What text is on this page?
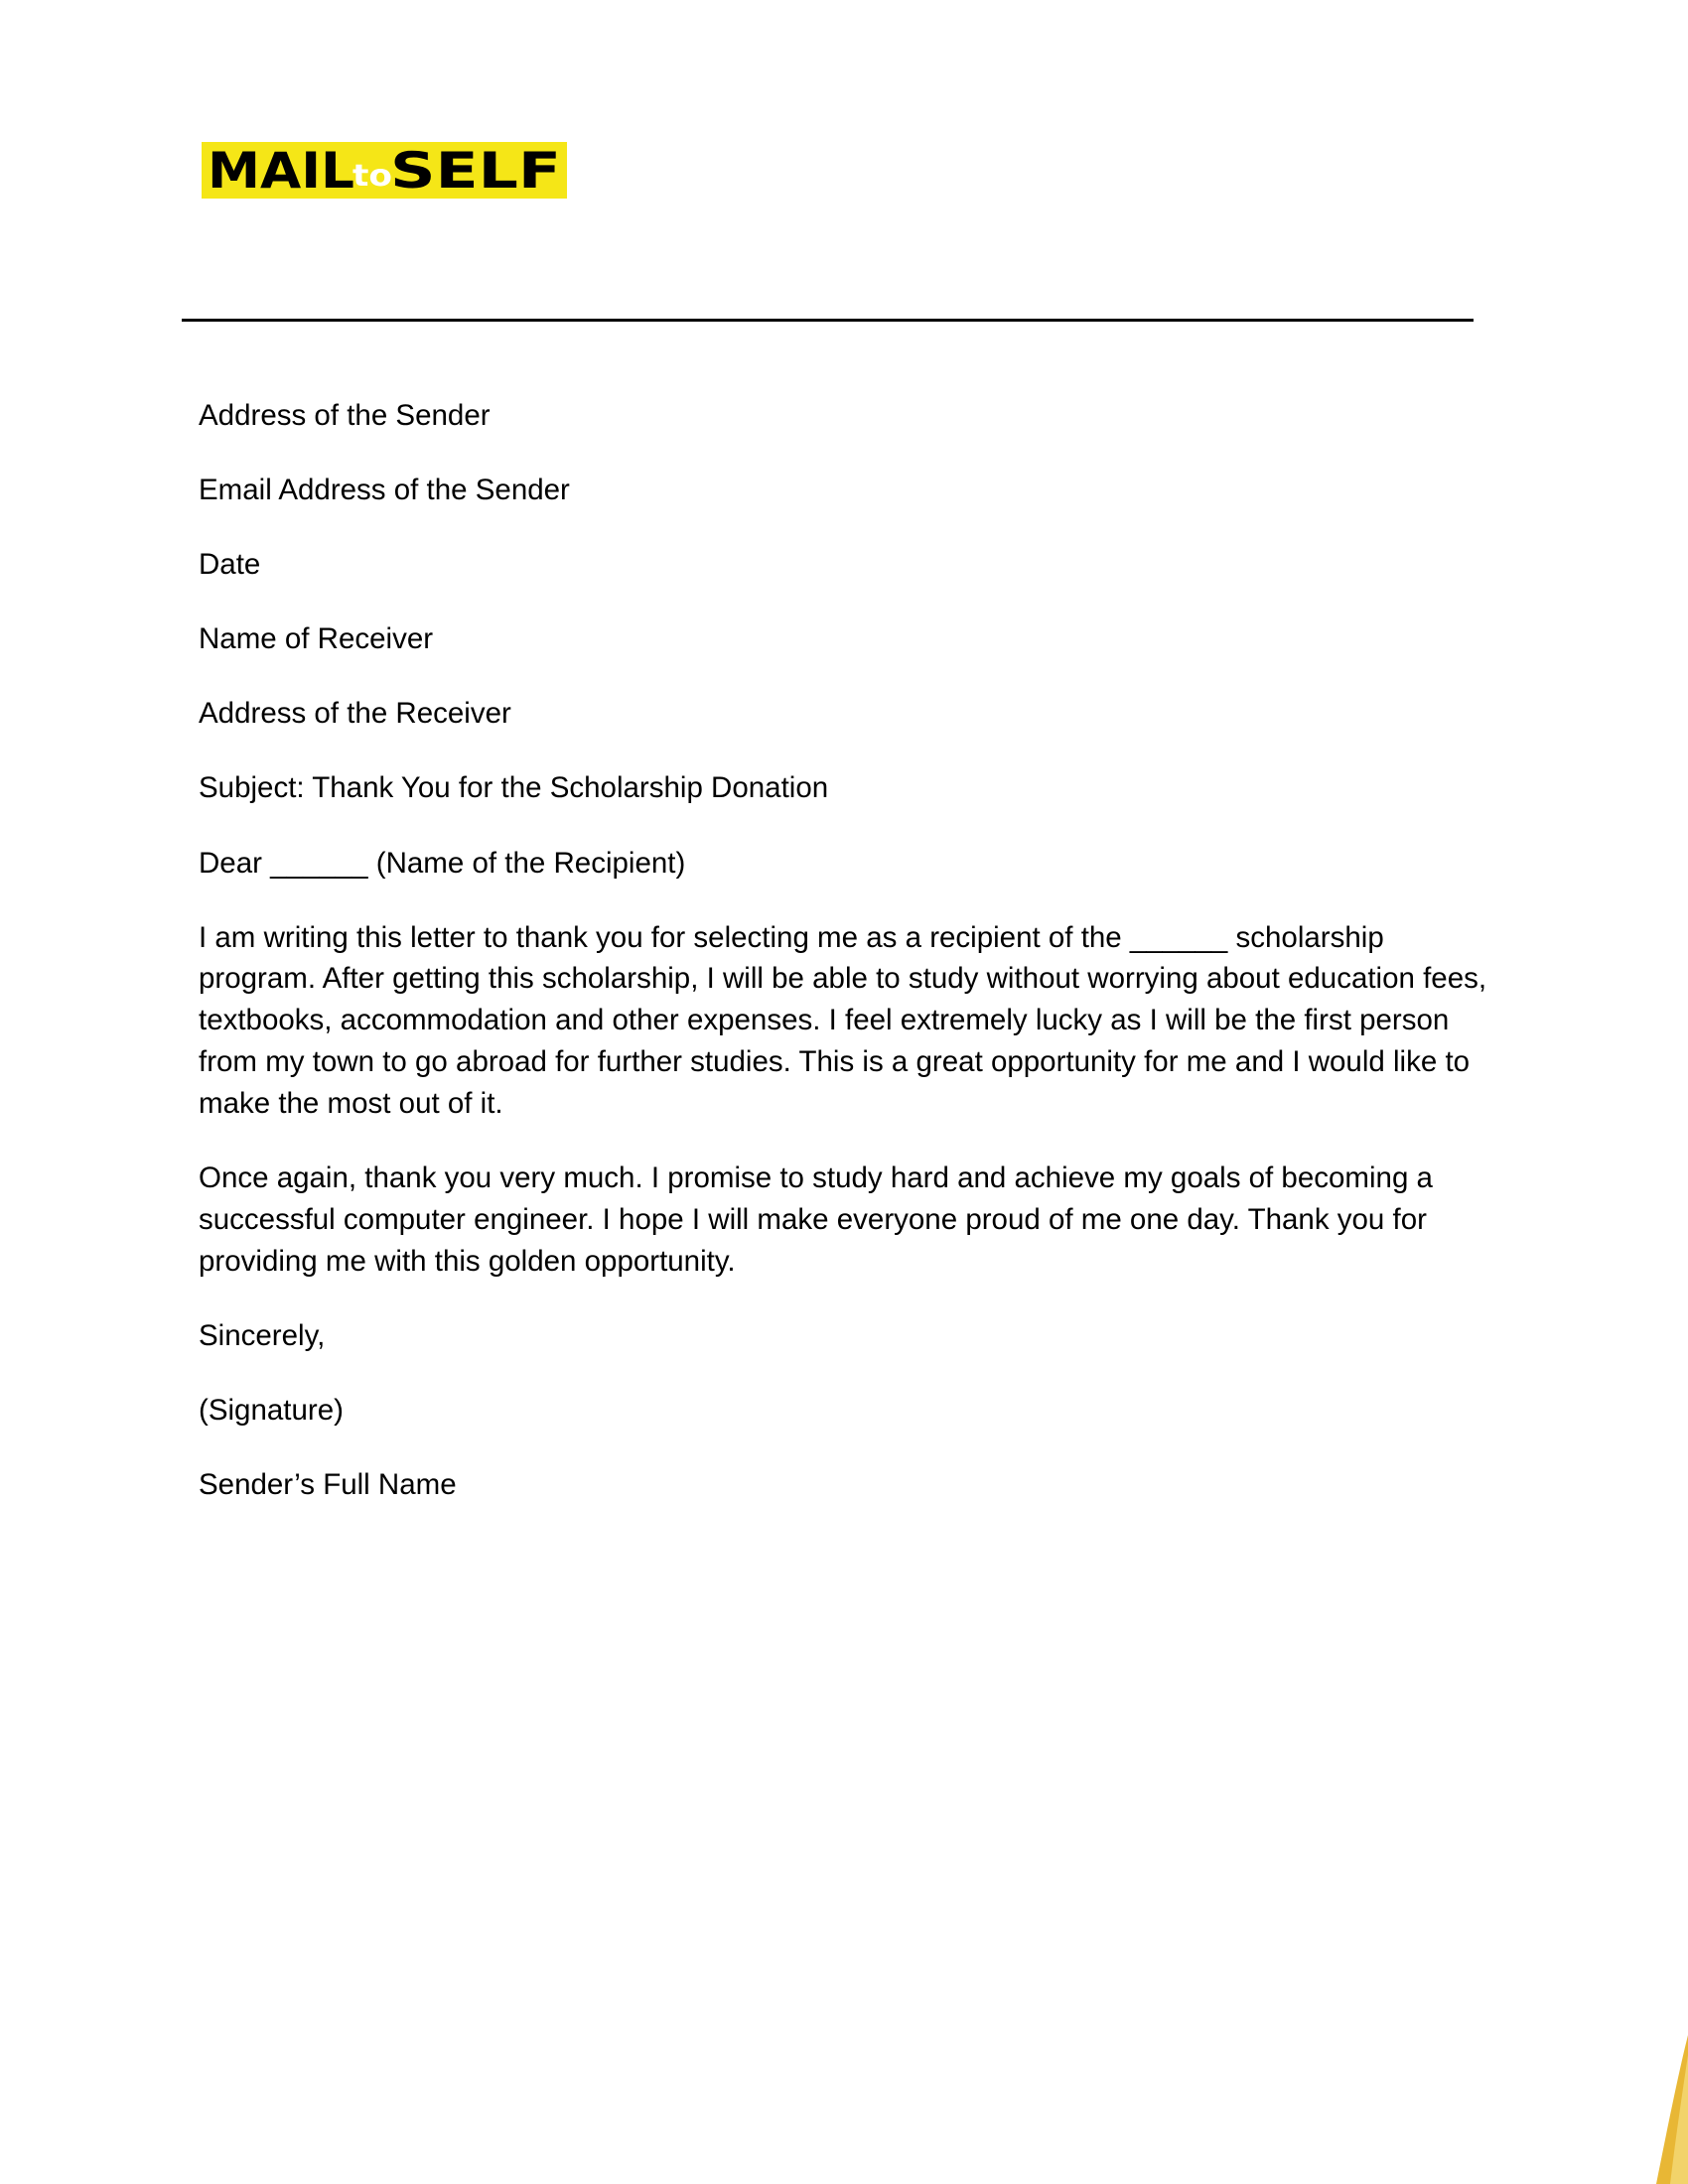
MAIL
to
SELF

Address of the Sender

Email Address of the Sender

Date

Name of Receiver

Address of the Receiver

Subject: Thank You for the Scholarship Donation

Dear ______ (Name of the Recipient)

I am writing this letter to thank you for selecting me as a recipient of the ______ scholarship program. After getting this scholarship, I will be able to study without worrying about education fees, textbooks, accommodation and other expenses. I feel extremely lucky as I will be the first person from my town to go abroad for further studies. This is a great opportunity for me and I would like to make the most out of it.

Once again, thank you very much. I promise to study hard and achieve my goals of becoming a successful computer engineer. I hope I will make everyone proud of me one day. Thank you for providing me with this golden opportunity.

Sincerely,

(Signature)

Sender’s Full Name
